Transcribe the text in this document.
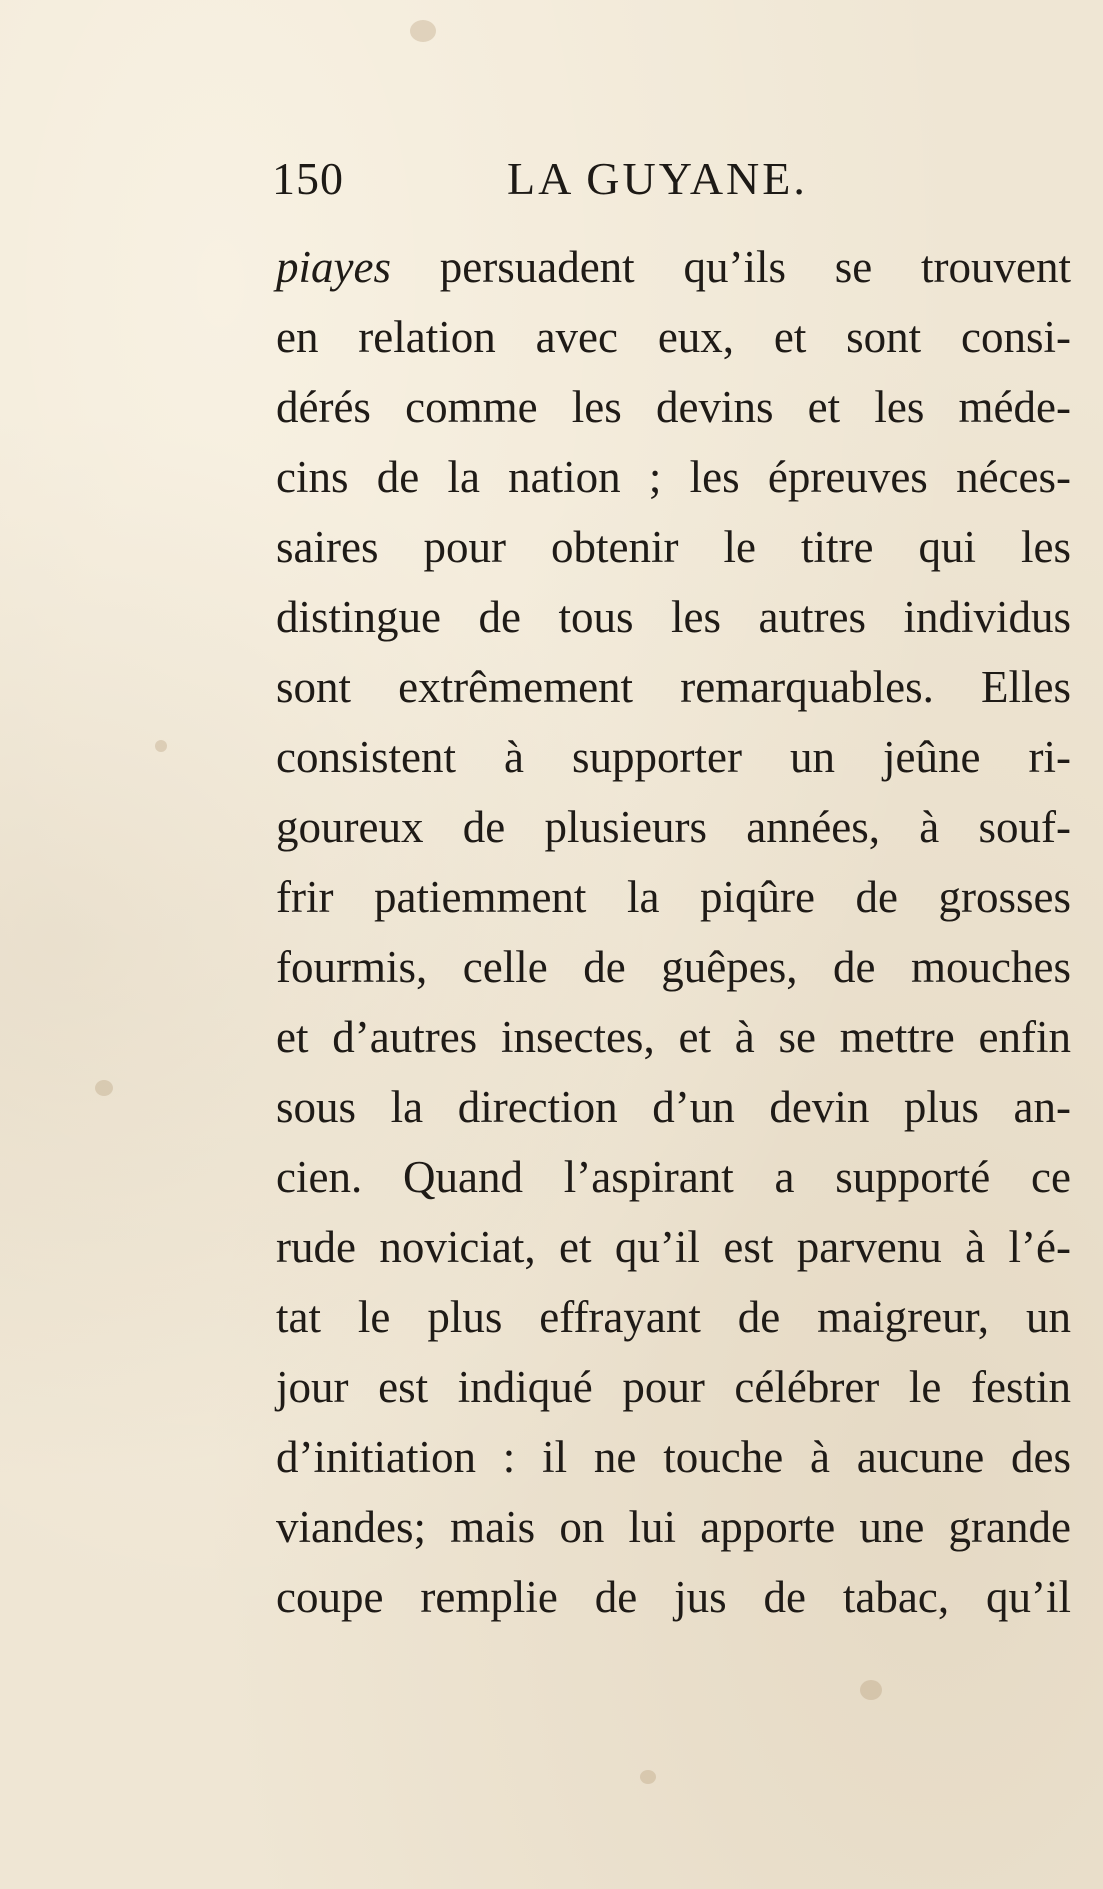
150	LA GUYANE.
piayes persuadent qu’ils se trouvent
en relation avec eux, et sont consi-
dérés comme les devins et les méde-
cins de la nation ; les épreuves néces-
saires pour obtenir le titre qui les
distingue de tous les autres individus
sont extrêmement remarquables. Elles
consistent à supporter un jeûne ri-
goureux de plusieurs années, à souf-
frir patiemment la piqûre de grosses
fourmis, celle de guêpes, de mouches
et d’autres insectes, et à se mettre enfin
sous la direction d’un devin plus an-
cien. Quand l’aspirant a supporté ce
rude noviciat, et qu’il est parvenu à l’é-
tat le plus effrayant de maigreur, un
jour est indiqué pour célébrer le festin
d’initiation : il ne touche à aucune des
viandes; mais on lui apporte une grande
coupe remplie de jus de tabac, qu’il
